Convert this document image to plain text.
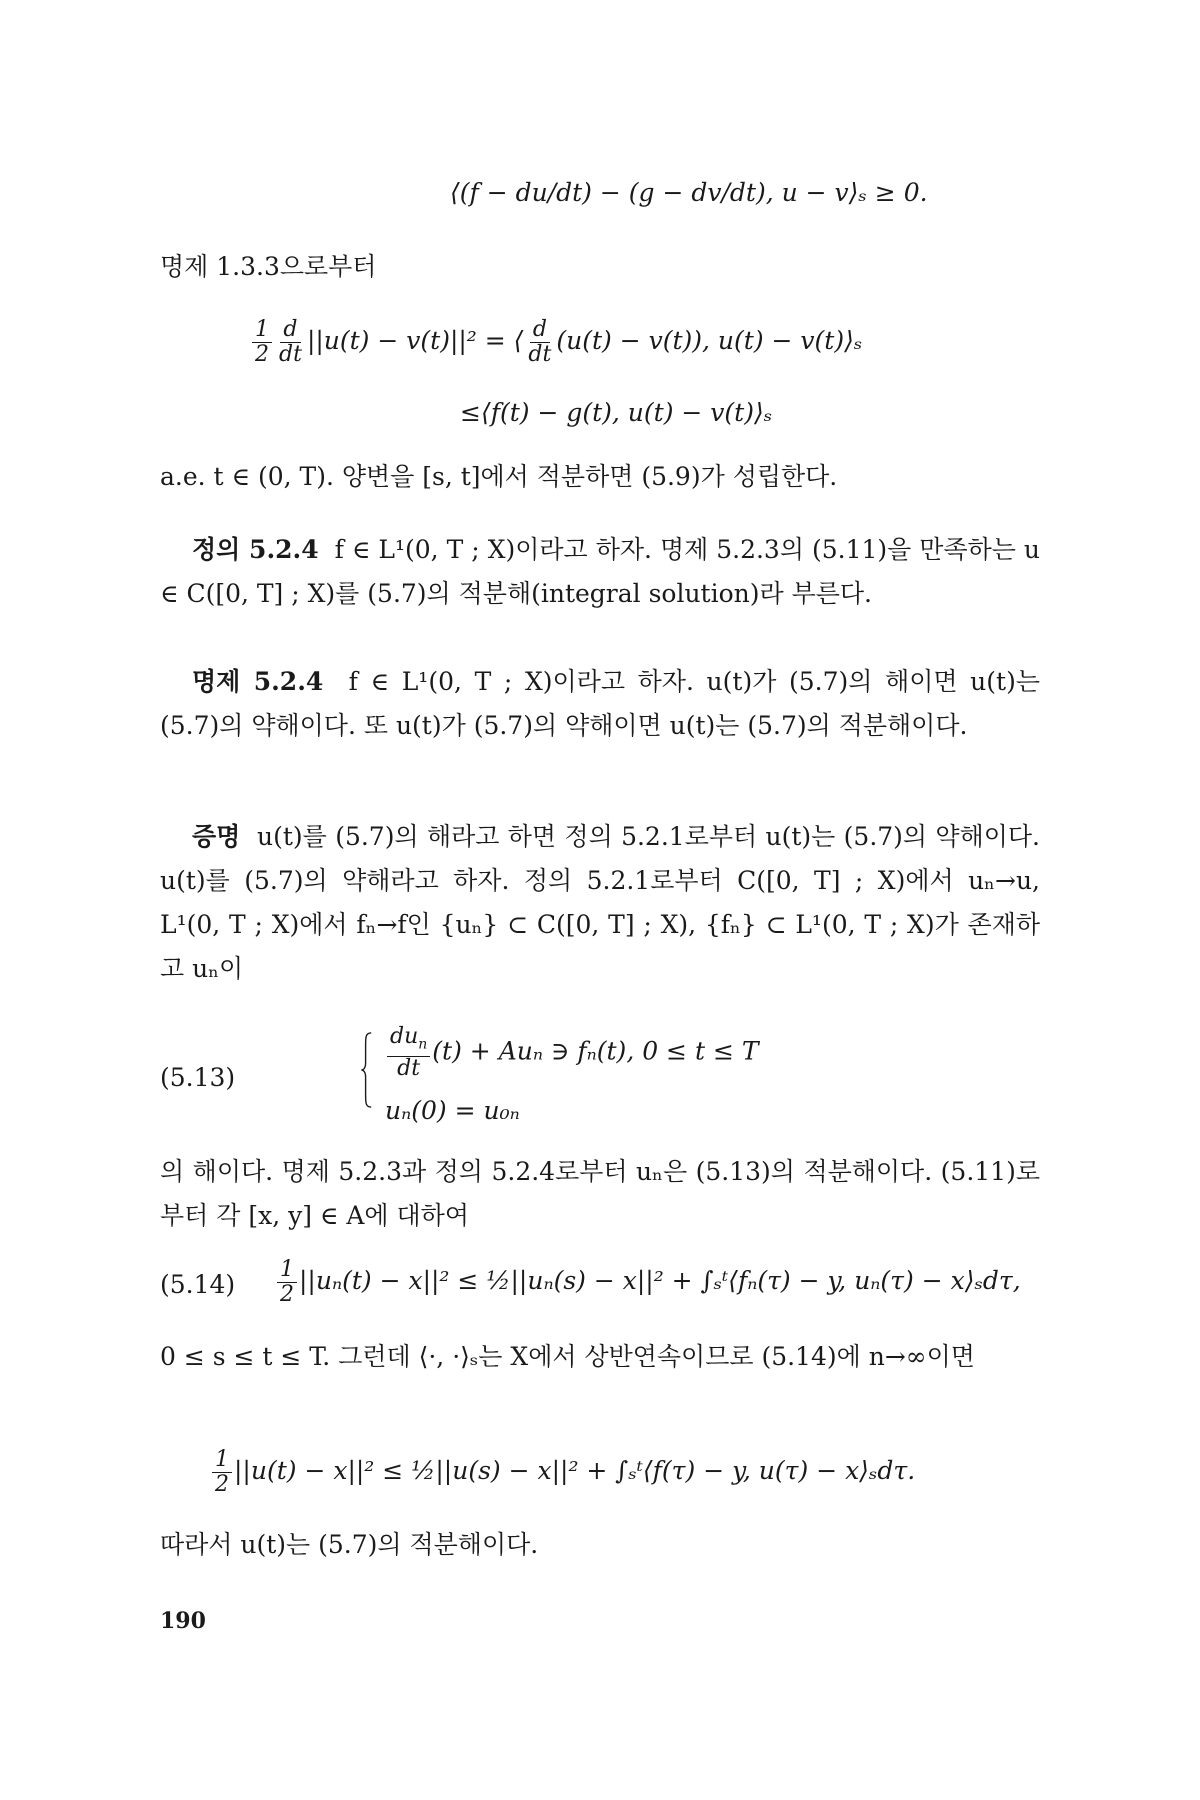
⟨(f − du/dt) − (g − dv/dt), u − v⟩ₛ ≥ 0.
명제 1.3.3으로부터
$\frac{1}{2} \frac{d}{dt} ||u(t) - v(t)||^2$ = ⟨ $\frac{d}{dt} (u(t) - v(t))$, u(t) − v(t)⟩ₛ
≤⟨f(t) − g(t), u(t) − v(t)⟩ₛ
a.e. t ∈ (0, T). 양변을 [s, t]에서 적분하면 (5.9)가 성립한다.
정의 5.2.4 f ∈ L¹(0, T ; X)이라고 하자. 명제 5.2.3의 (5.11)을 만족하는 u ∈ C([0, T] ; X)를 (5.7)의 적분해(integral solution)라 부른다.
명제 5.2.4 f ∈ L¹(0, T ; X)이라고 하자. u(t)가 (5.7)의 해이면 u(t)는 (5.7)의 약해이다. 또 u(t)가 (5.7)의 약해이면 u(t)는 (5.7)의 적분해이다.
증명 u(t)를 (5.7)의 해라고 하면 정의 5.2.1로부터 u(t)는 (5.7)의 약해이다. u(t)를 (5.7)의 약해라고 하자. 정의 5.2.1로부터 C([0, T] ; X)에서 uₙ→u, L¹(0, T ; X)에서 fₙ→f인 {uₙ} ⊂ C([0, T] ; X), {fₙ} ⊂ L¹(0, T ; X)가 존재하고 uₙ이
(5.13)	$\frac{du_n}{dt} (t) + Au_n$ ∋ fₙ(t), 0 ≤ t ≤ T
uₙ(0) = u₀ₙ
의 해이다. 명제 5.2.3과 정의 5.2.4로부터 uₙ은 (5.13)의 적분해이다. (5.11)로부터 각 [x, y] ∈ A에 대하여
$(5.14) \frac{1}{2} ||u_n(t) - x||^2$ ≤ ½||uₙ(s) − x||² + ∫ₛᵗ⟨fₙ(τ) − y, uₙ(τ) − x⟩ₛdτ,
0 ≤ s ≤ t ≤ T. 그런데 ⟨·, ·⟩ₛ는 X에서 상반연속이므로 (5.14)에 n→∞이면
$\frac{1}{2} ||u(t) - x||^2$ ≤ ½||u(s) − x||² + ∫ₛᵗ⟨f(τ) − y, u(τ) − x⟩ₛdτ.
따라서 u(t)는 (5.7)의 적분해이다.
190
